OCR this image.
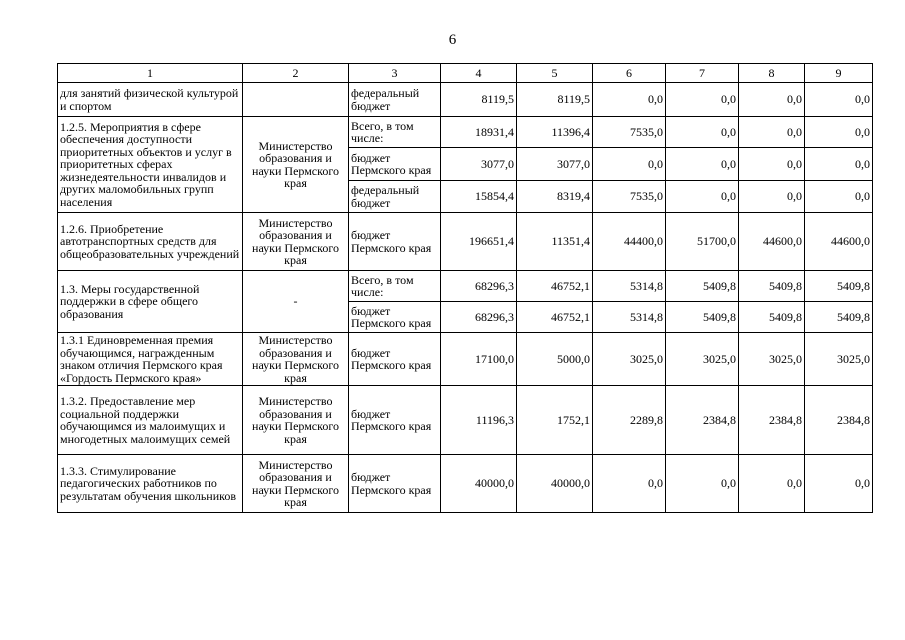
6
1	2	3	4	5	6	7	8	9
для занятий физической культурой и спортом		федеральный бюджет	8119,5	8119,5	0,0	0,0	0,0	0,0
1.2.5. Мероприятия в сфере обеспечения доступности приоритетных объектов и услуг в приоритетных сферах жизнедеятельности инвалидов и других маломобильных групп населения	Министерство образования и науки Пермского края	Всего, в том числе:	18931,4	11396,4	7535,0	0,0	0,0	0,0
		бюджет Пермского края	3077,0	3077,0	0,0	0,0	0,0	0,0
		федеральный бюджет	15854,4	8319,4	7535,0	0,0	0,0	0,0
1.2.6. Приобретение автотранспортных средств для общеобразовательных учреждений	Министерство образования и науки Пермского края	бюджет Пермского края	196651,4	11351,4	44400,0	51700,0	44600,0	44600,0
1.3. Меры государственной поддержки в сфере общего образования	-	Всего, в том числе:	68296,3	46752,1	5314,8	5409,8	5409,8	5409,8
		бюджет Пермского края	68296,3	46752,1	5314,8	5409,8	5409,8	5409,8
1.3.1 Единовременная премия обучающимся, награжденным знаком отличия Пермского края «Гордость Пермского края»	Министерство образования и науки Пермского края	бюджет Пермского края	17100,0	5000,0	3025,0	3025,0	3025,0	3025,0
1.3.2. Предоставление мер социальной поддержки обучающимся из малоимущих и многодетных малоимущих семей	Министерство образования и науки Пермского края	бюджет Пермского края	11196,3	1752,1	2289,8	2384,8	2384,8	2384,8
1.3.3. Стимулирование педагогических работников по результатам обучения школьников	Министерство образования и науки Пермского края	бюджет Пермского края	40000,0	40000,0	0,0	0,0	0,0	0,0
